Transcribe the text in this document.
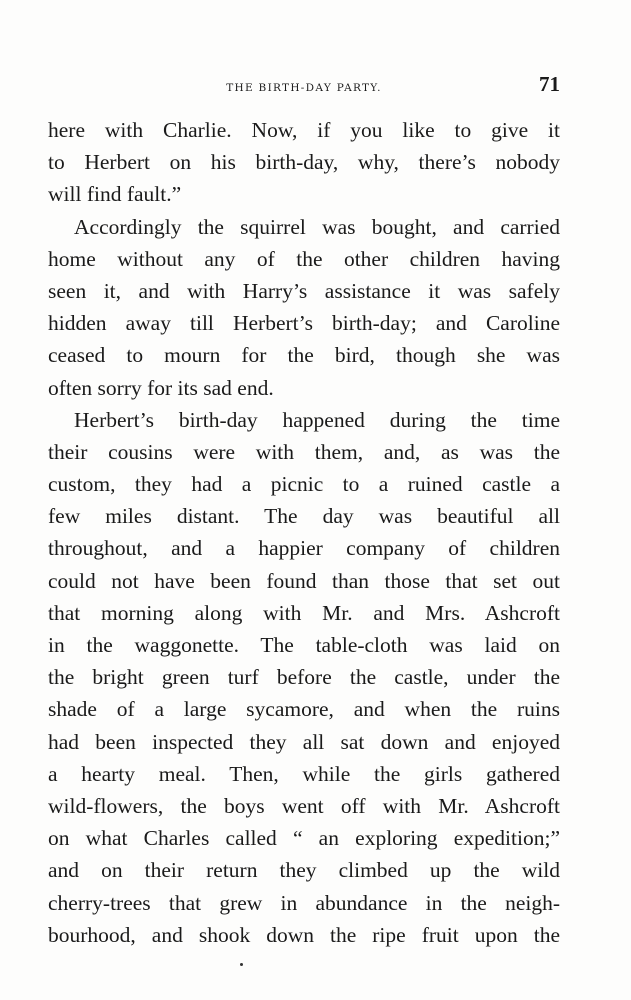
THE BIRTH-DAY PARTY.	71
here with Charlie. Now, if you like to give it
to Herbert on his birth-day, why, there’s nobody
will find fault.”
Accordingly the squirrel was bought, and carried
home without any of the other children having
seen it, and with Harry’s assistance it was safely
hidden away till Herbert’s birth-day; and Caroline
ceased to mourn for the bird, though she was
often sorry for its sad end.
Herbert’s birth-day happened during the time
their cousins were with them, and, as was the
custom, they had a picnic to a ruined castle a
few miles distant. The day was beautiful all
throughout, and a happier company of children
could not have been found than those that set out
that morning along with Mr. and Mrs. Ashcroft
in the waggonette. The table-cloth was laid on
the bright green turf before the castle, under the
shade of a large sycamore, and when the ruins
had been inspected they all sat down and enjoyed
a hearty meal. Then, while the girls gathered
wild-flowers, the boys went off with Mr. Ashcroft
on what Charles called “ an exploring expedition;”
and on their return they climbed up the wild
cherry-trees that grew in abundance in the neigh-
bourhood, and shook down the ripe fruit upon the
